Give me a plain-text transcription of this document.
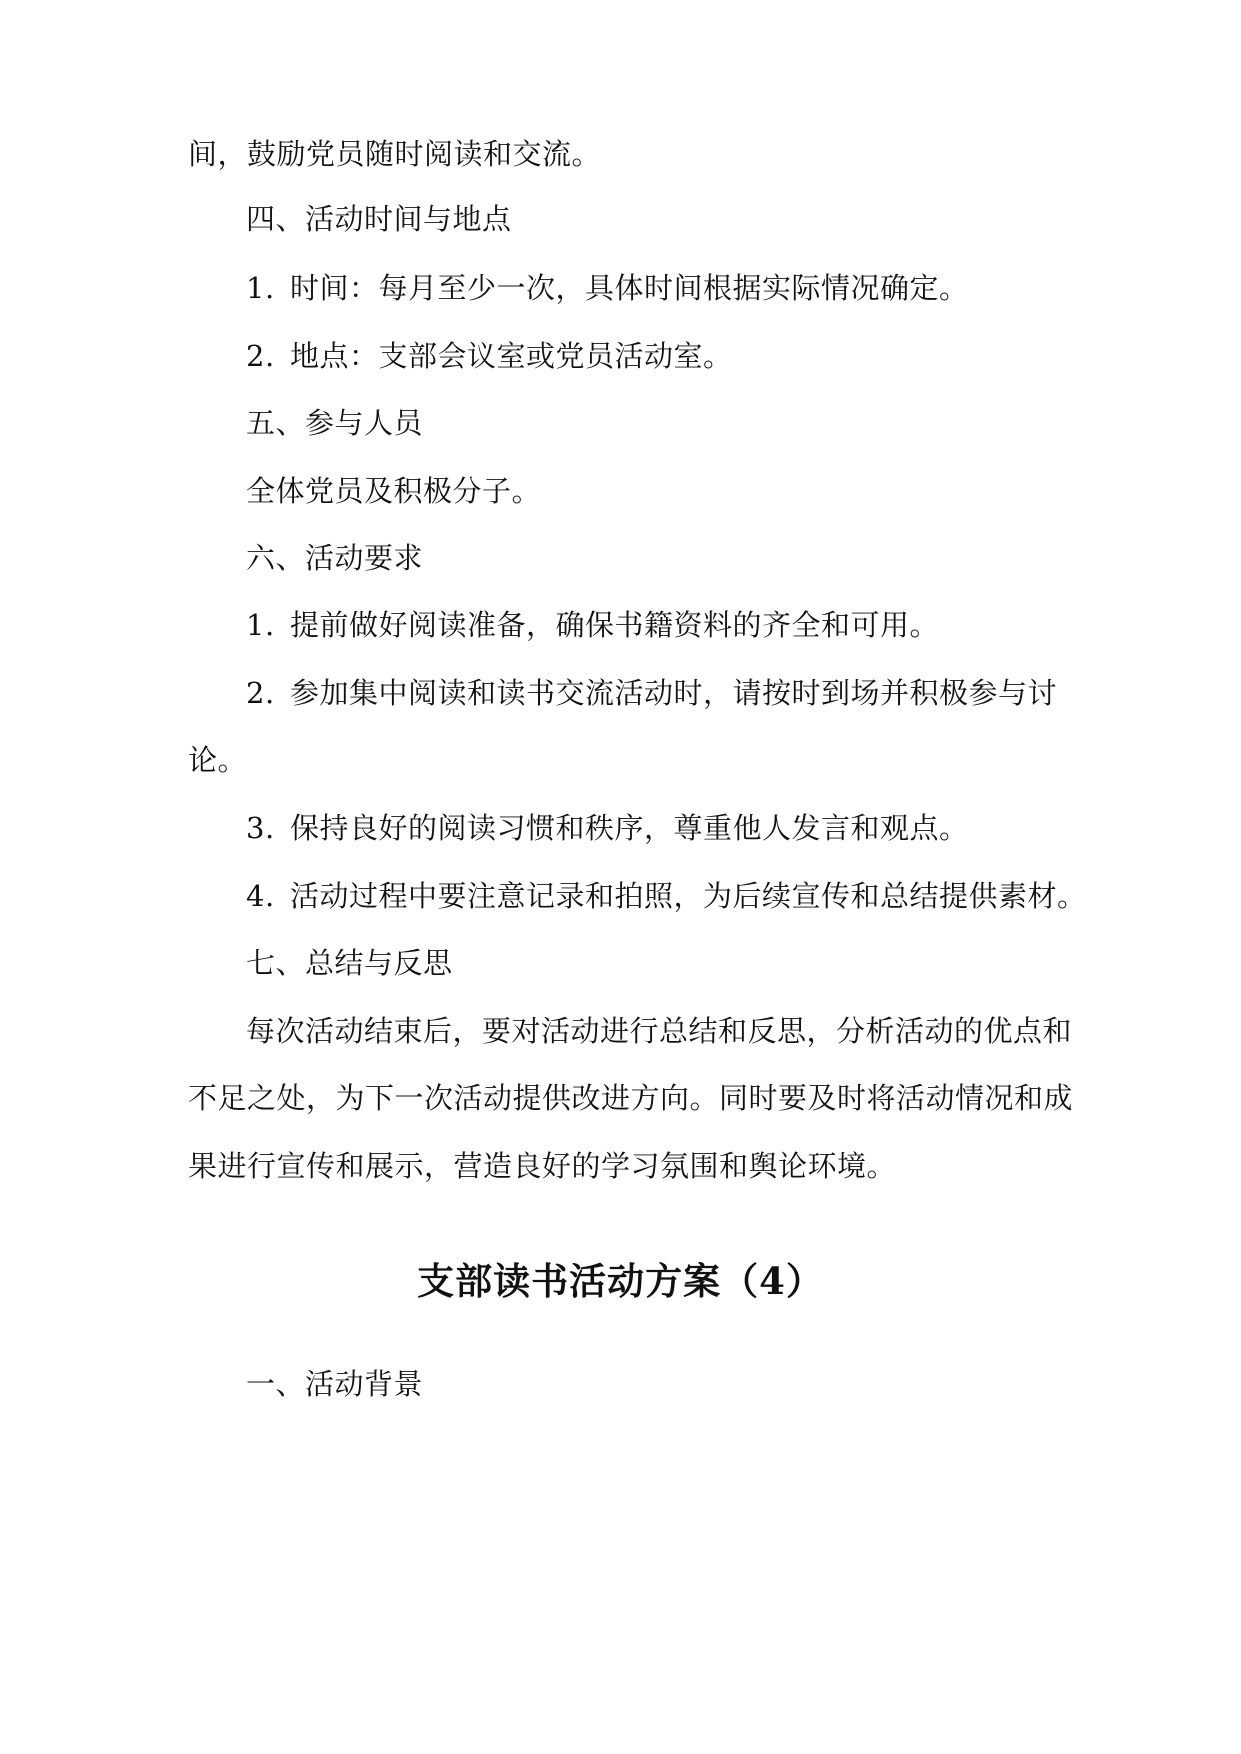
间，鼓励党员随时阅读和交流。
四、活动时间与地点
1. 时间：每月至少一次，具体时间根据实际情况确定。
2. 地点：支部会议室或党员活动室。
五、参与人员
全体党员及积极分子。
六、活动要求
1. 提前做好阅读准备，确保书籍资料的齐全和可用。
2. 参加集中阅读和读书交流活动时，请按时到场并积极参与讨
论。
3. 保持良好的阅读习惯和秩序，尊重他人发言和观点。
4. 活动过程中要注意记录和拍照，为后续宣传和总结提供素材。
七、总结与反思
每次活动结束后，要对活动进行总结和反思，分析活动的优点和
不足之处，为下一次活动提供改进方向。同时要及时将活动情况和成
果进行宣传和展示，营造良好的学习氛围和舆论环境。
支部读书活动方案（4）
一、活动背景
